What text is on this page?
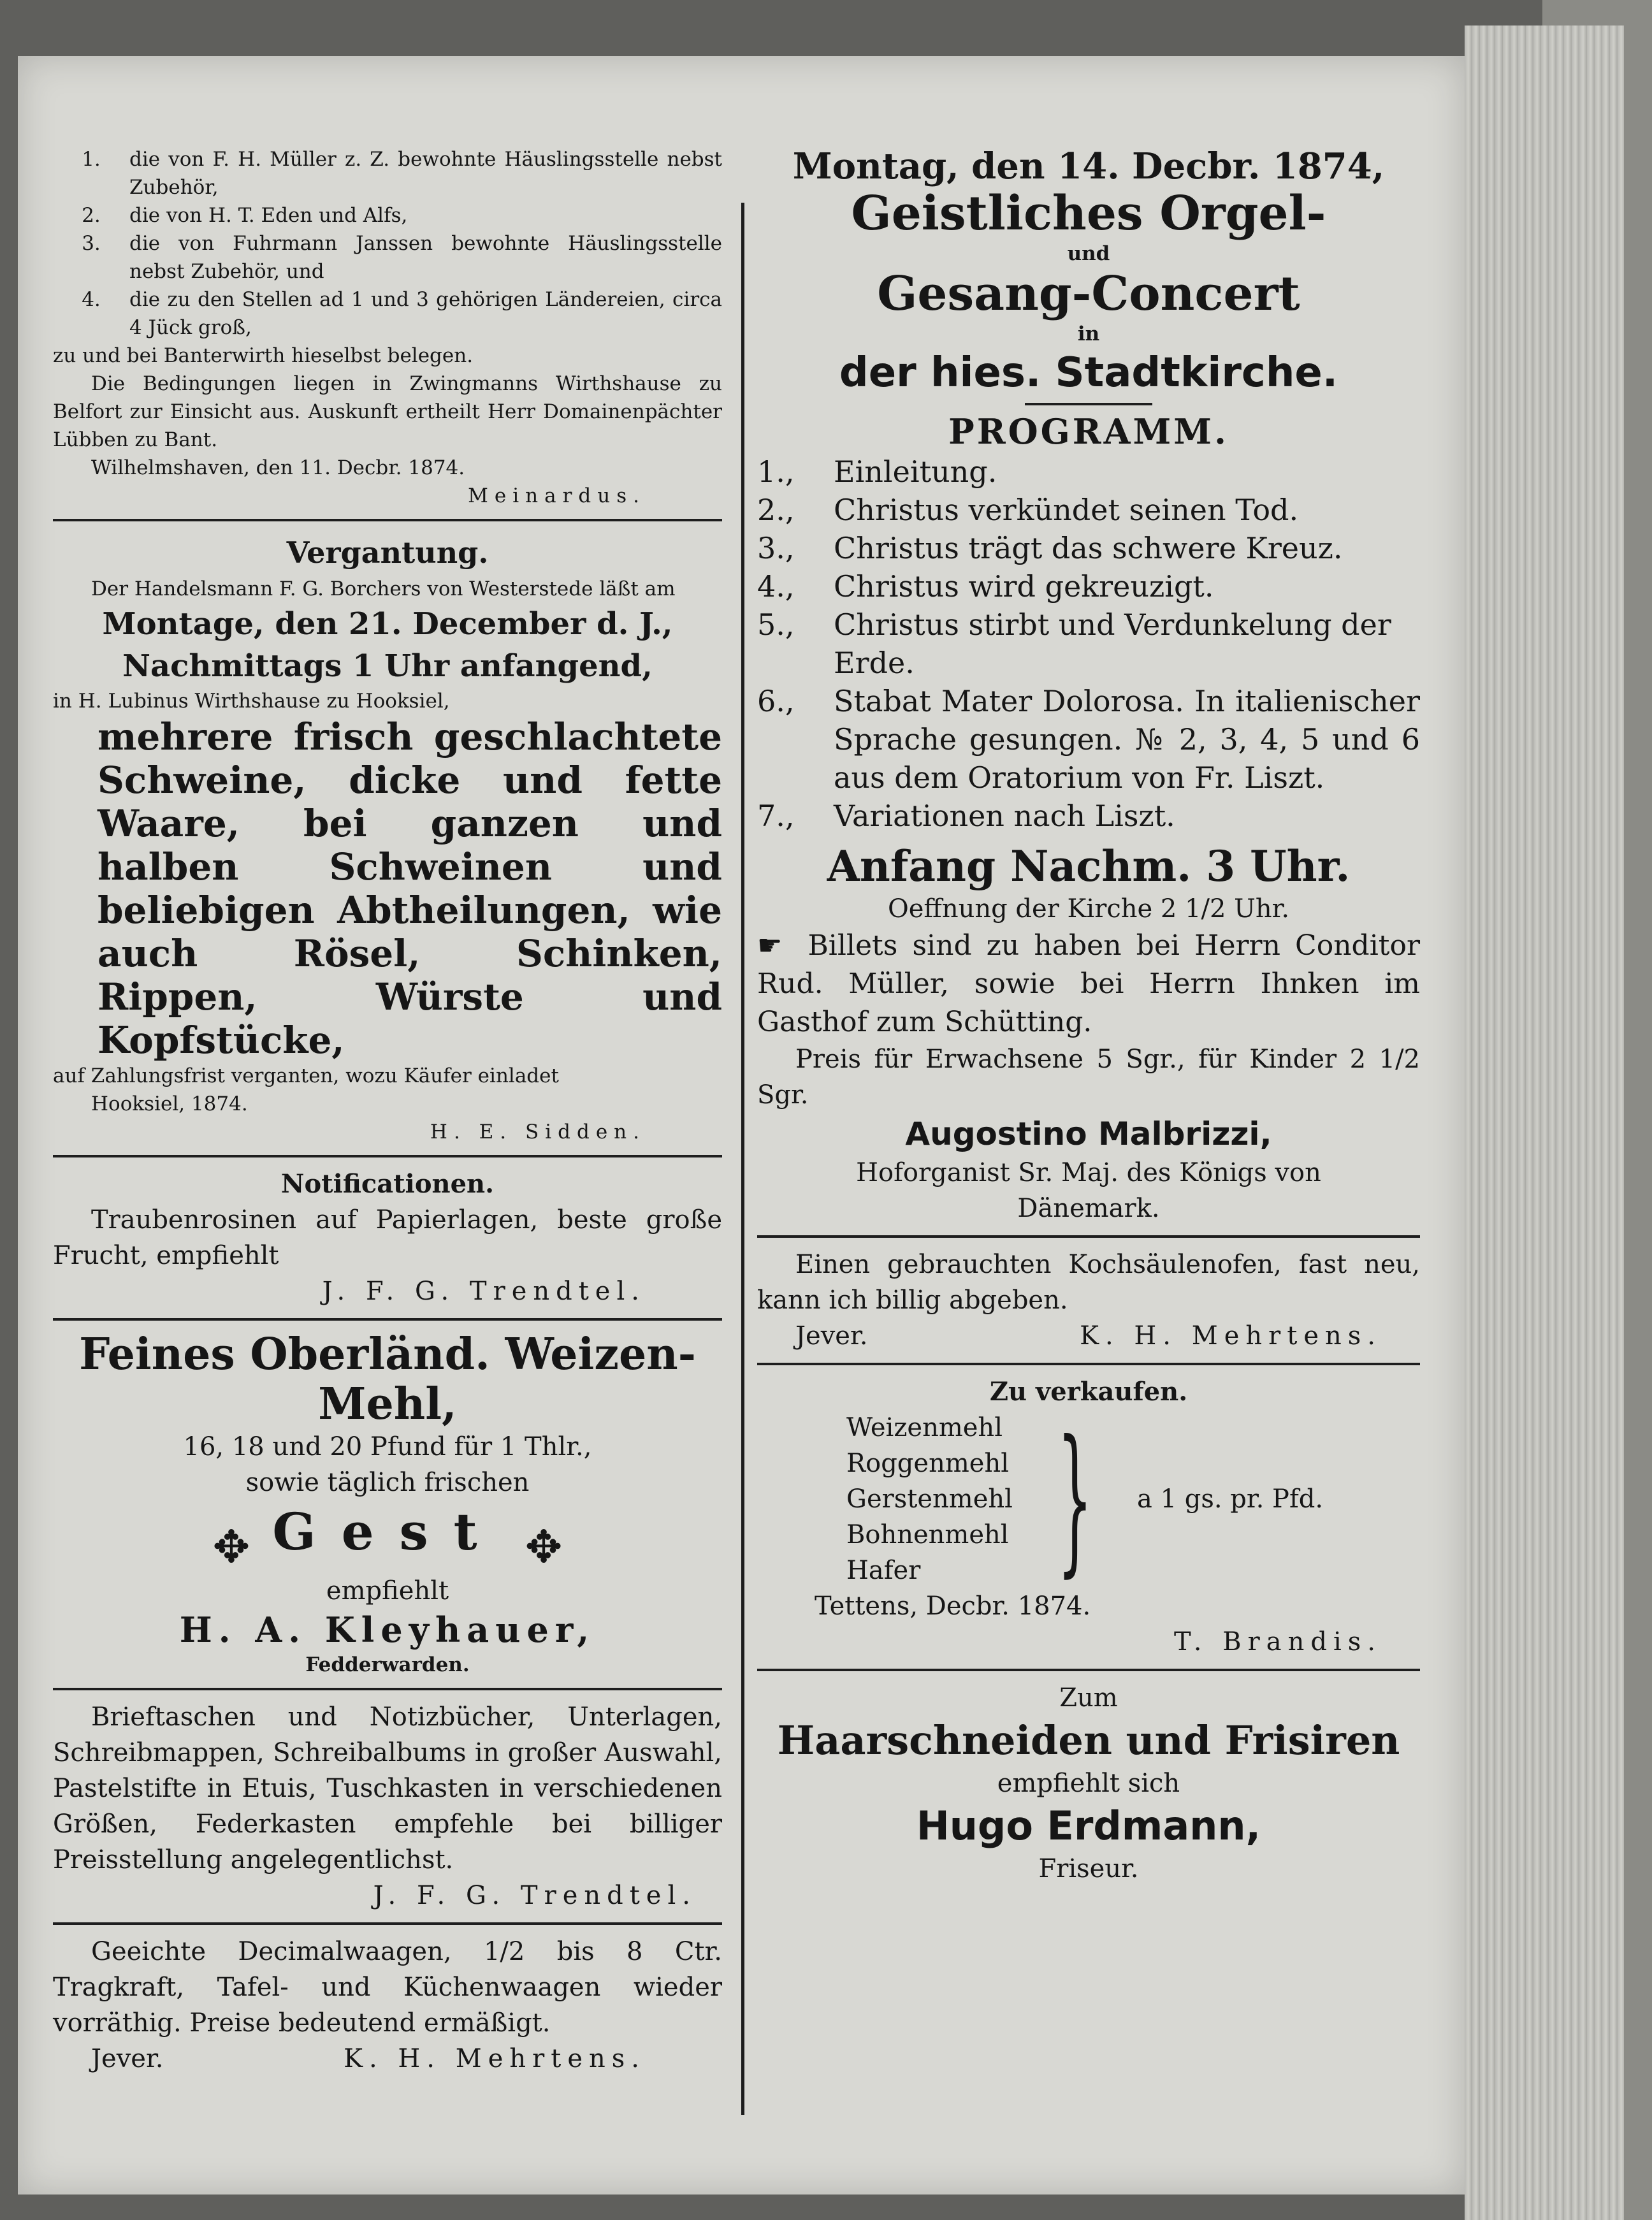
1.	die von F. H. Müller z. Z. bewohnte Häuslingsstelle nebst Zubehör,
2.	die von H. T. Eden und Alfs,
3.	die von Fuhrmann Janssen bewohnte Häuslingsstelle nebst Zubehör, und
4.	die zu den Stellen ad 1 und 3 gehörigen Ländereien, circa 4 Jück groß,

zu und bei Banterwirth hieselbst belegen.

Die Bedingungen liegen in Zwingmanns Wirthshause zu Belfort zur Einsicht aus. Auskunft ertheilt Herr Domainenpächter Lübben zu Bant.

Wilhelmshaven, den 11. Decbr. 1874.

Meinardus.

Vergantung.

Der Handelsmann F. G. Borchers von Westerstede läßt am

Montage, den 21. December d. J.,

Nachmittags 1 Uhr anfangend,

in H. Lubinus Wirthshause zu Hooksiel,

mehrere frisch geschlachtete Schweine, dicke und fette Waare, bei ganzen und halben Schweinen und beliebigen Abtheilungen, wie auch Rösel, Schinken, Rippen, Würste und Kopfstücke,

auf Zahlungsfrist verganten, wozu Käufer einladet

Hooksiel, 1874.

H. E. Sidden.

Notificationen.

Traubenrosinen auf Papierlagen, beste große Frucht, empfiehlt

J. F. G. Trendtel.

Feines Oberländ. Weizen-Mehl,

16, 18 und 20 Pfund für 1 Thlr.,

sowie täglich frischen

✥ Gest ✥

empfiehlt

H. A. Kleyhauer,

Fedderwarden.

Brieftaschen und Notizbücher, Unterlagen, Schreibmappen, Schreibalbums in großer Auswahl, Pastelstifte in Etuis, Tuschkasten in verschiedenen Größen, Federkasten empfehle bei billiger Preisstellung angelegentlichst.

J. F. G. Trendtel.

Geeichte Decimalwaagen, 1/2 bis 8 Ctr. Tragkraft, Tafel- und Küchenwaagen wieder vorräthig. Preise bedeutend ermäßigt.

Jever.	K. H. Mehrtens.

Montag, den 14. Decbr. 1874,

Geistliches Orgel-

und

Gesang-Concert

in

der hies. Stadtkirche.

PROGRAMM.

1.,	Einleitung.
2.,	Christus verkündet seinen Tod.
3.,	Christus trägt das schwere Kreuz.
4.,	Christus wird gekreuzigt.
5.,	Christus stirbt und Verdunkelung der Erde.
6.,	Stabat Mater Dolorosa. In italienischer Sprache gesungen. № 2, 3, 4, 5 und 6 aus dem Oratorium von Fr. Liszt.
7.,	Variationen nach Liszt.

Anfang Nachm. 3 Uhr.

Oeffnung der Kirche 2 1/2 Uhr.

☛ Billets sind zu haben bei Herrn Conditor Rud. Müller, sowie bei Herrn Ihnken im Gasthof zum Schütting.

Preis für Erwachsene 5 Sgr., für Kinder 2 1/2 Sgr.

Augostino Malbrizzi,

Hoforganist Sr. Maj. des Königs von Dänemark.

Einen gebrauchten Kochsäulenofen, fast neu, kann ich billig abgeben.

Jever.	K. H. Mehrtens.

Zu verkaufen.

Weizenmehl
Roggenmehl
Gerstenmehl
Bohnenmehl
Hafer } a 1 gs. pr. Pfd.

Tettens, Decbr. 1874.

T. Brandis.

Zum

Haarschneiden und Frisiren

empfiehlt sich

Hugo Erdmann,

Friseur.
